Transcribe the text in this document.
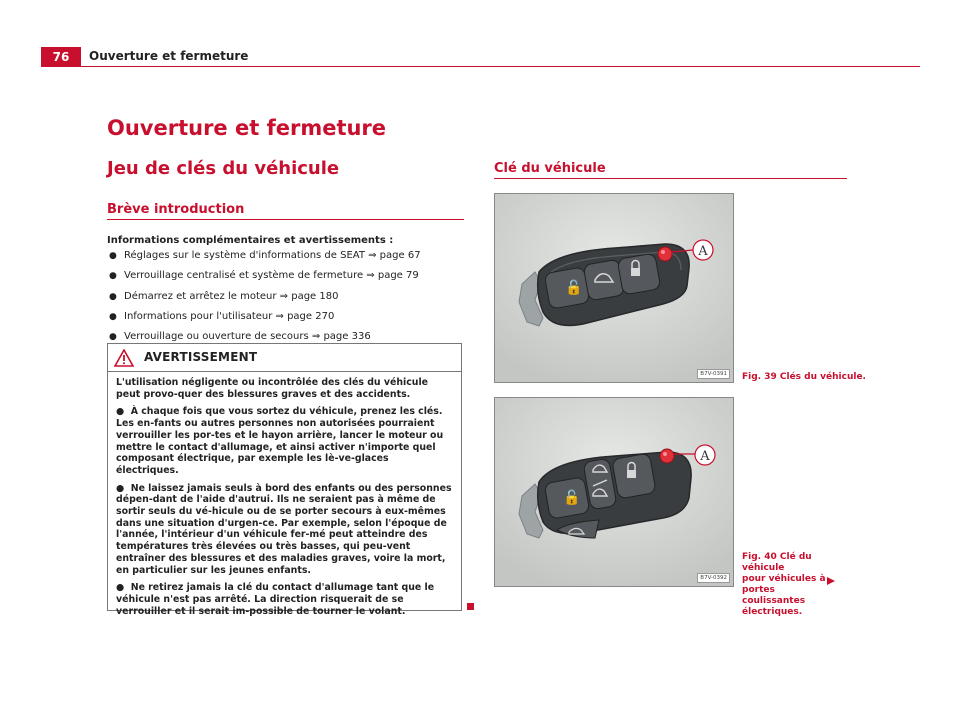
76	Ouverture et fermeture
Ouverture et fermeture
Jeu de clés du véhicule
Brève introduction
Informations complémentaires et avertissements :
● Réglages sur le système d'informations de SEAT ⇒ page 67
● Verrouillage centralisé et système de fermeture ⇒ page 79
● Démarrez et arrêtez le moteur ⇒ page 180
● Informations pour l'utilisateur ⇒ page 270
● Verrouillage ou ouverture de secours ⇒ page 336
AVERTISSEMENT

L'utilisation négligente ou incontrôlée des clés du véhicule peut provo-quer des blessures graves et des accidents.

●  À chaque fois que vous sortez du véhicule, prenez les clés. Les en-fants ou autres personnes non autorisées pourraient verrouiller les por-tes et le hayon arrière, lancer le moteur ou mettre le contact d'allumage, et ainsi activer n'importe quel composant électrique, par exemple les lè-ve-glaces électriques.

●  Ne laissez jamais seuls à bord des enfants ou des personnes dépen-dant de l'aide d'autrui. Ils ne seraient pas à même de sortir seuls du vé-hicule ou de se porter secours à eux-mêmes dans une situation d'urgen-ce. Par exemple, selon l'époque de l'année, l'intérieur d'un véhicule fer-mé peut atteindre des températures très élevées ou très basses, qui peu-vent entraîner des blessures et des maladies graves, voire la mort, en particulier sur les jeunes enfants.

●  Ne retirez jamais la clé du contact d'allumage tant que le véhicule n'est pas arrêté. La direction risquerait de se verrouiller et il serait im-possible de tourner le volant.

Clé du véhicule
🔓
A
B7V-0391	Fig. 39 Clés du véhicule.
🔓
A
B7V-0392
Fig. 40 Clé du véhicule
pour véhicules à portes
coulissantes électriques.
